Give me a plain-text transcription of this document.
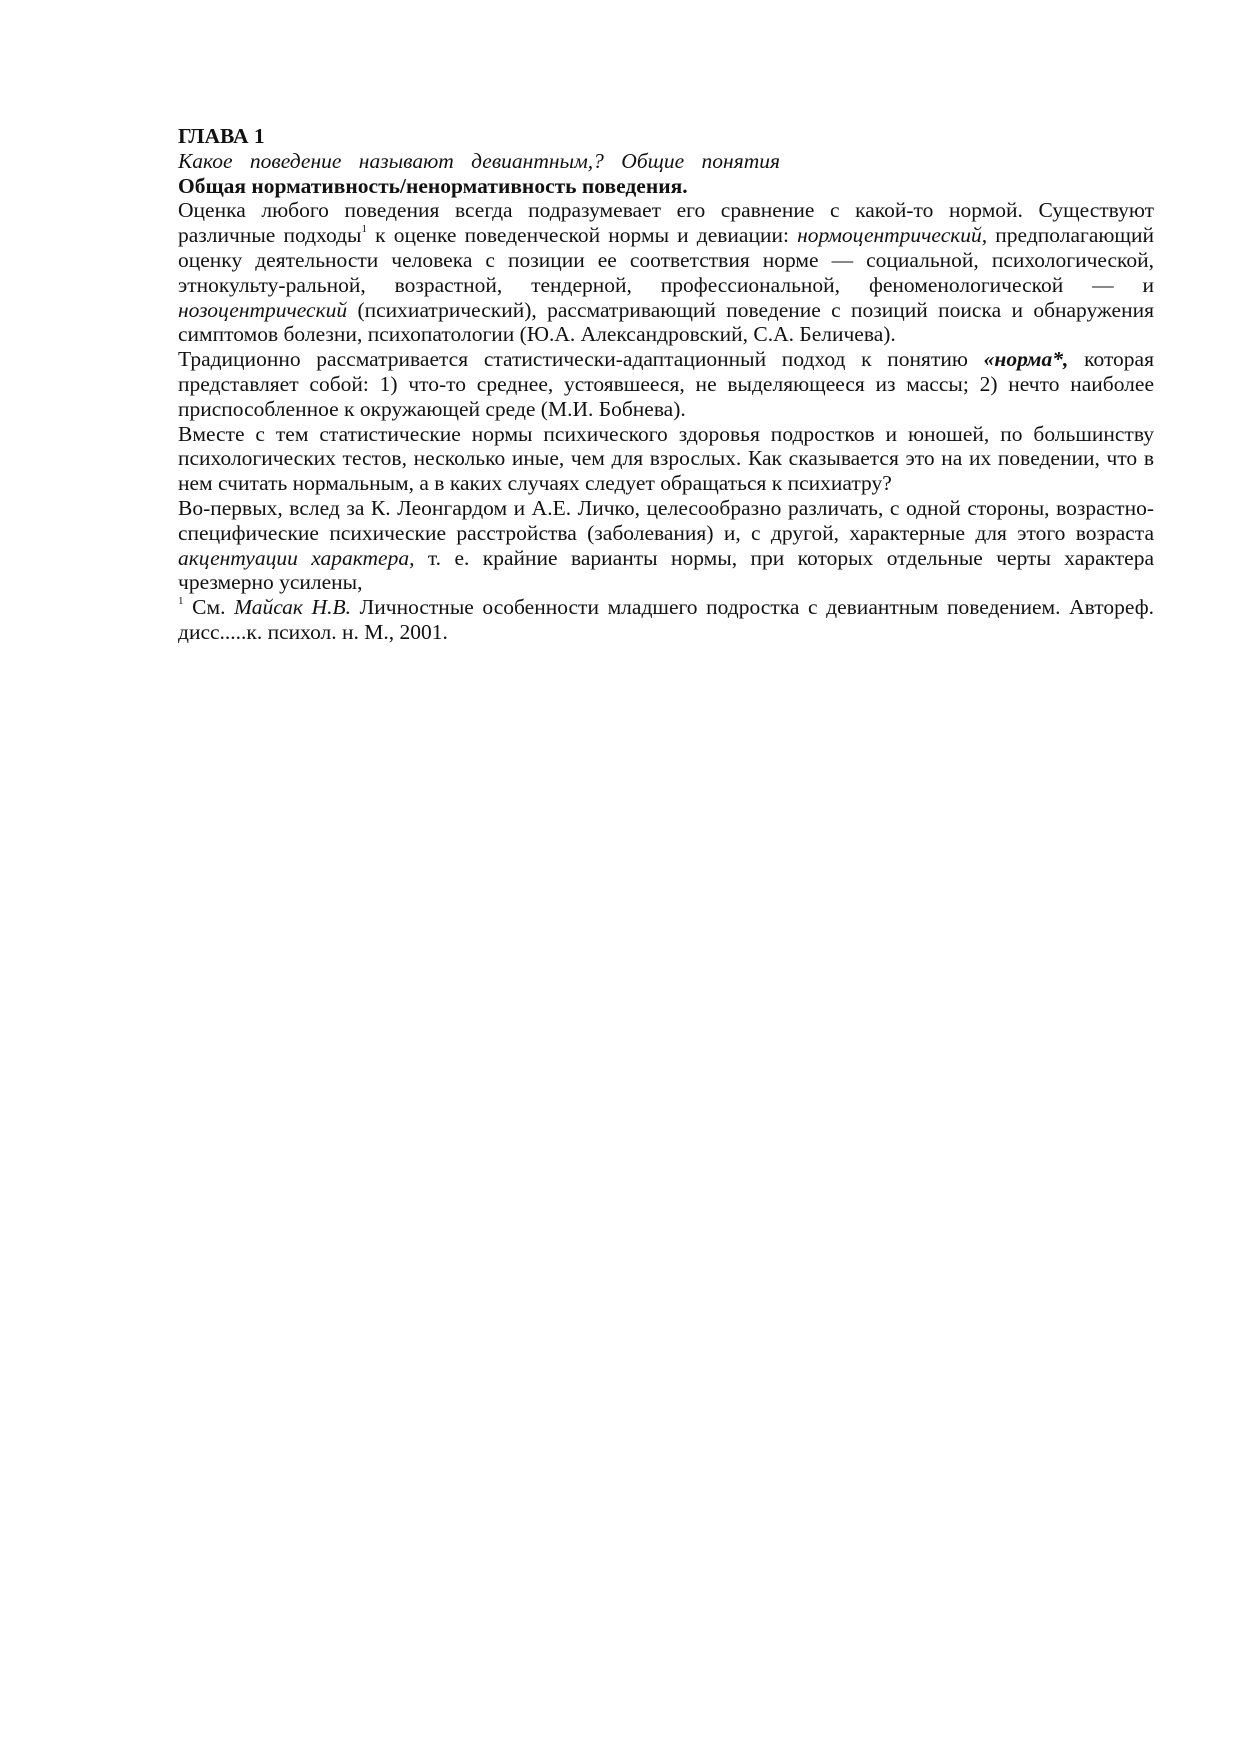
ГЛАВА 1

Какое поведение называют девиантным,? Общие понятия

Общая нормативность/ненормативность поведения.

Оценка любого поведения всегда подразумевает его сравнение с какой-то нормой. Существуют различные подходы$^1$ к оценке поведенческой нормы и девиации: нормоцентрический, предполагающий оценку деятельности человека с позиции ее соответствия норме — социальной, психологической, этнокульту-ральной, возрастной, тендерной, профессиональной, феноменологической — и нозоцентрический (психиатрический), рассматривающий поведение с позиций поиска и обнаружения симптомов болезни, психопатологии (Ю.А. Александровский, С.А. Беличева).

Традиционно рассматривается статистически-адаптационный подход к понятию «норма*, которая представляет собой: 1) что-то среднее, устоявшееся, не выделяющееся из массы; 2) нечто наиболее приспособленное к окружающей среде (М.И. Бобнева).

Вместе с тем статистические нормы психического здоровья подростков и юношей, по большинству психологических тестов, несколько иные, чем для взрослых. Как сказывается это на их поведении, что в нем считать нормальным, а в каких случаях следует обращаться к психиатру?

Во-первых, вслед за К. Леонгардом и А.Е. Личко, целесообразно различать, с одной стороны, возрастно-специфические психические расстройства (заболевания) и, с другой, характерные для этого возраста акцентуации характера, т. е. крайние варианты нормы, при которых отдельные черты характера чрезмерно усилены,

$^1$ См. Майсак Н.В. Личностные особенности младшего подростка с девиантным поведением. Автореф. дисс.....к. психол. н. М., 2001.
